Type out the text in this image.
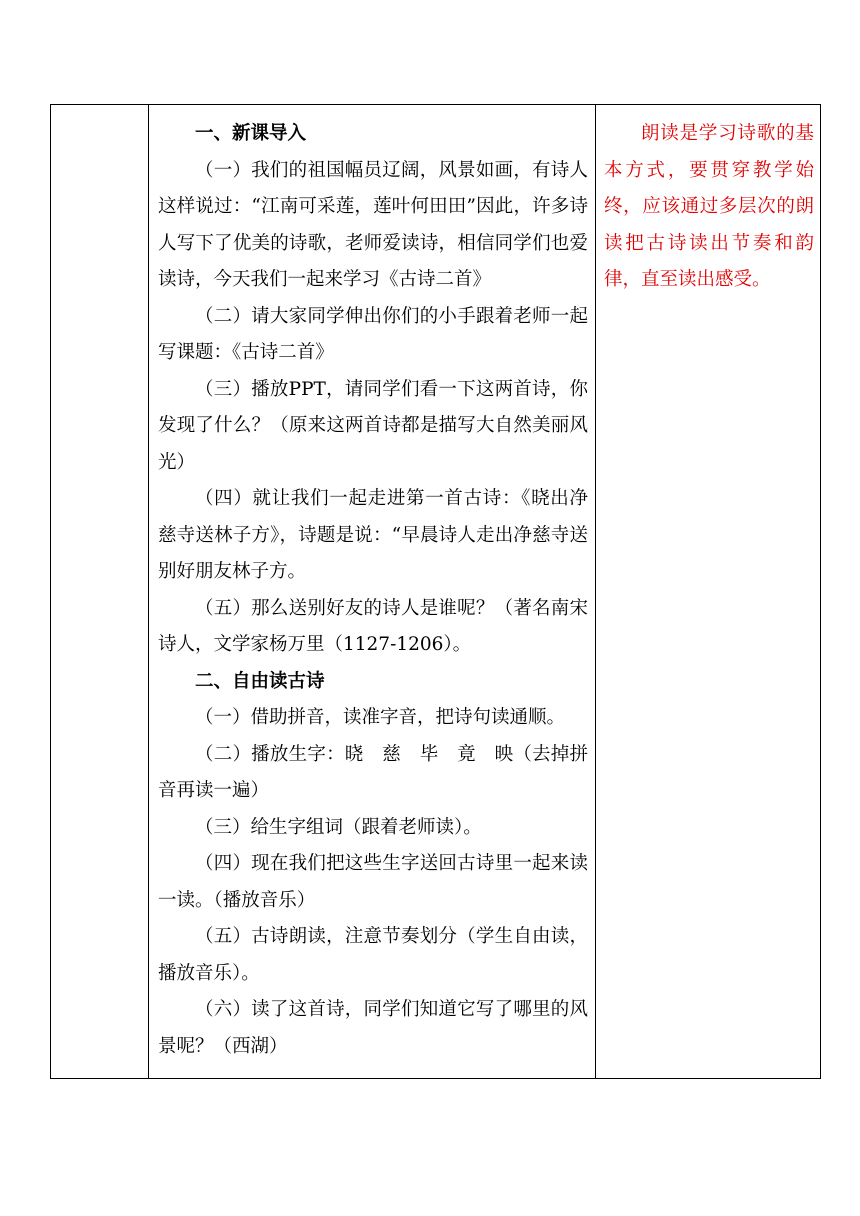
一、新课导入

（一）我们的祖国幅员辽阔，风景如画，有诗人这样说过：“江南可采莲，莲叶何田田”因此，许多诗人写下了优美的诗歌，老师爱读诗，相信同学们也爱读诗，今天我们一起来学习《古诗二首》

（二）请大家同学伸出你们的小手跟着老师一起写课题：《古诗二首》

（三）播放PPT，请同学们看一下这两首诗，你发现了什么？（原来这两首诗都是描写大自然美丽风光）

（四）就让我们一起走进第一首古诗：《晓出净慈寺送林子方》，诗题是说：“早晨诗人走出净慈寺送别好朋友林子方。

（五）那么送别好友的诗人是谁呢？（著名南宋诗人，文学家杨万里（1127-1206）。

二、自由读古诗

（一）借助拼音，读准字音，把诗句读通顺。

（二）播放生字：晓　慈　毕　竟　映（去掉拼音再读一遍）

（三）给生字组词（跟着老师读）。

（四）现在我们把这些生字送回古诗里一起来读一读。（播放音乐）

（五）古诗朗读，注意节奏划分（学生自由读，播放音乐）。

（六）读了这首诗，同学们知道它写了哪里的风景呢？（西湖）

朗读是学习诗歌的基本方式，要贯穿教学始终，应该通过多层次的朗读把古诗读出节奏和韵律，直至读出感受。
